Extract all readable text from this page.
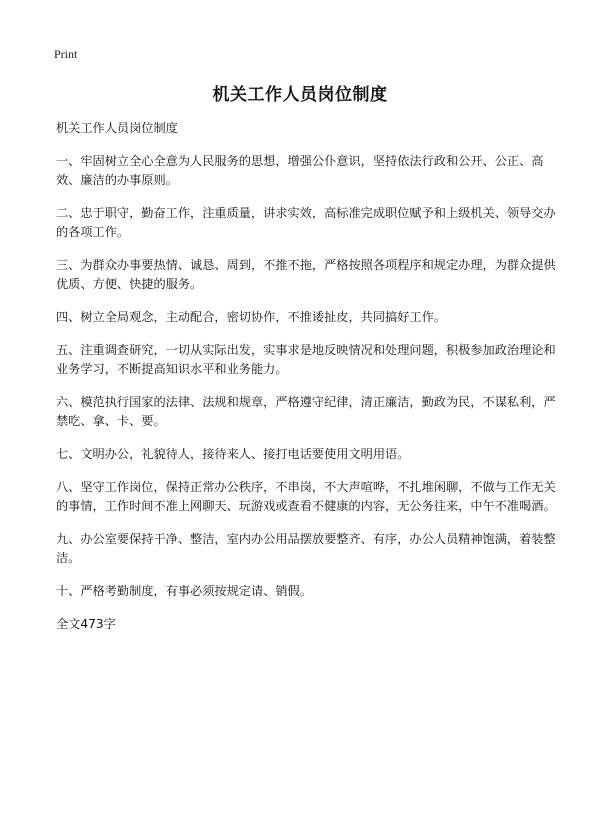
Print
机关工作人员岗位制度

机关工作人员岗位制度

一、牢固树立全心全意为人民服务的思想，增强公仆意识，坚持依法行政和公开、公正、高效、廉洁的办事原则。

二、忠于职守，勤奋工作，注重质量，讲求实效，高标准完成职位赋予和上级机关、领导交办的各项工作。

三、为群众办事要热情、诚恳、周到，不推不拖，严格按照各项程序和规定办理，为群众提供优质、方便、快捷的服务。

四、树立全局观念，主动配合，密切协作，不推诿扯皮，共同搞好工作。

五、注重调查研究，一切从实际出发，实事求是地反映情况和处理问题，积极参加政治理论和业务学习，不断提高知识水平和业务能力。

六、模范执行国家的法律、法规和规章，严格遵守纪律，清正廉洁，勤政为民，不谋私利，严禁吃、拿、卡、要。

七、文明办公，礼貌待人，接待来人、接打电话要使用文明用语。

八、坚守工作岗位，保持正常办公秩序，不串岗，不大声喧哗，不扎堆闲聊，不做与工作无关的事情，工作时间不准上网聊天、玩游戏或查看不健康的内容，无公务往来，中午不准喝酒。

九、办公室要保持干净、整洁，室内办公用品摆放要整齐、有序，办公人员精神饱满，着装整洁。

十、严格考勤制度，有事必须按规定请、销假。

全文473字
